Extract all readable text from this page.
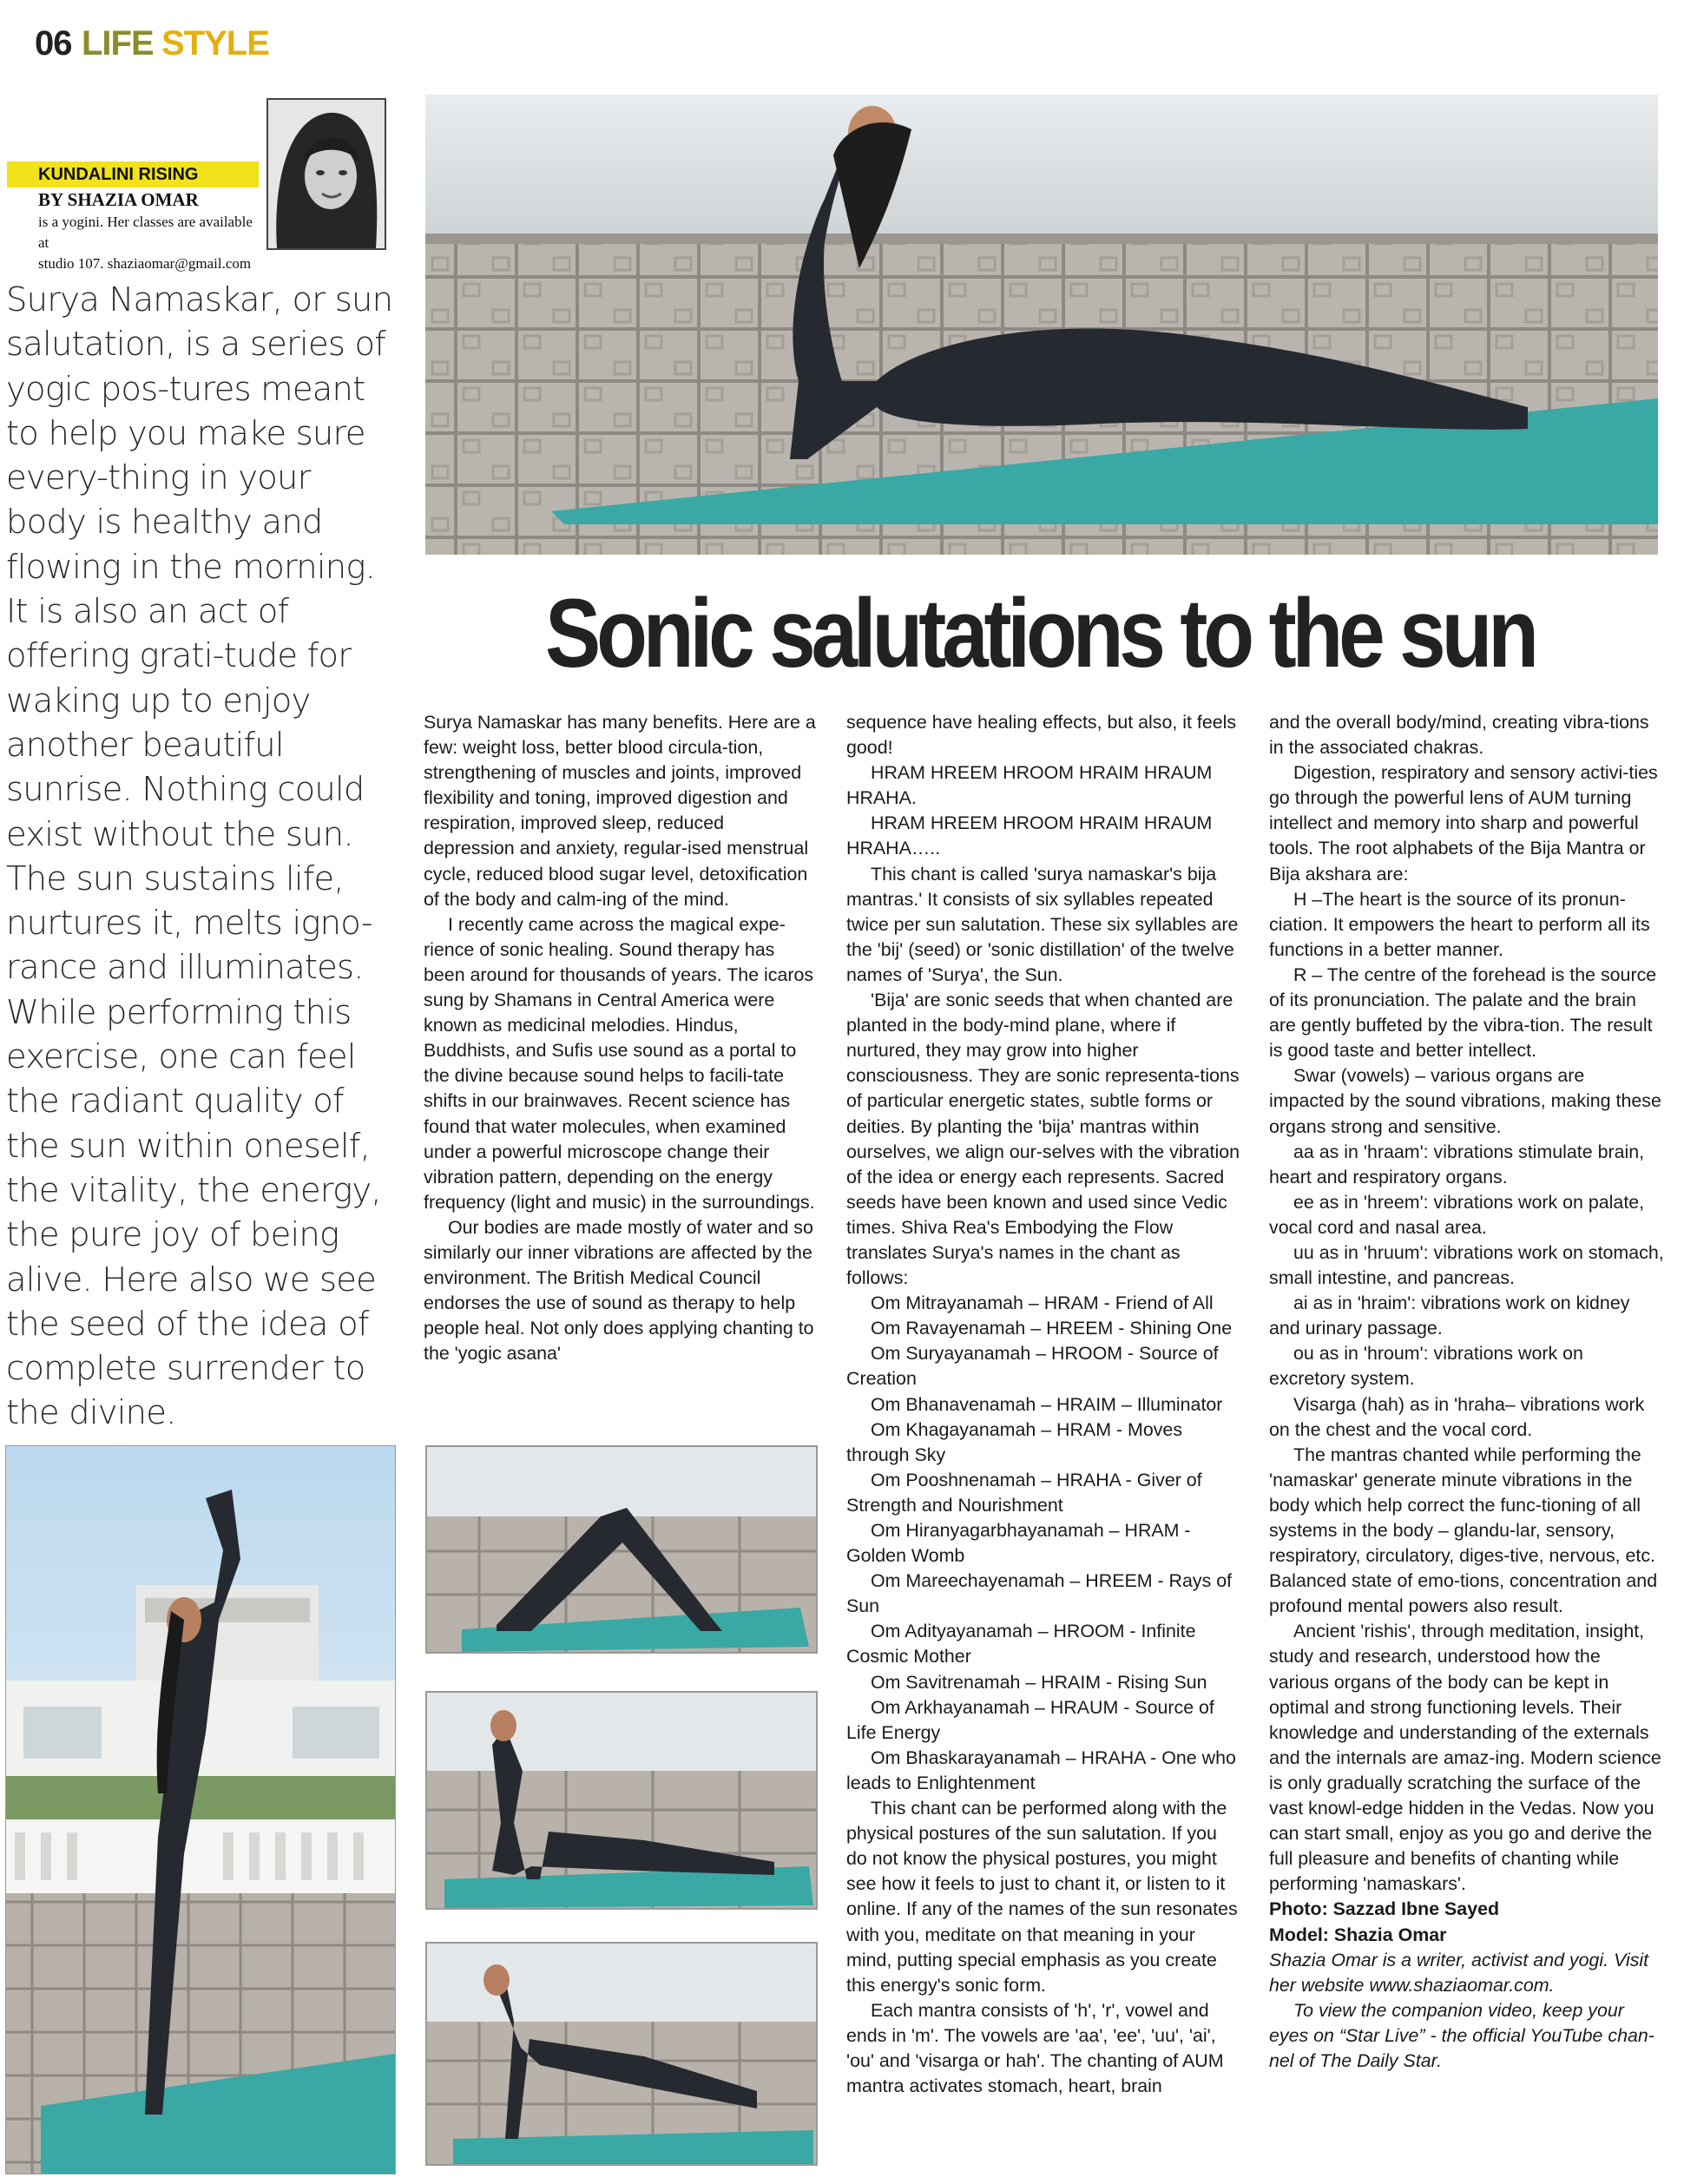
06 LIFE STYLE
KUNDALINI RISING
BY SHAZIA OMAR
is a yogini. Her classes are available at
studio 107. shaziaomar@gmail.com
Surya Namaskar, or sun salutation, is a series of yogic pos-tures meant to help you make sure every-thing in your body is healthy and flowing in the morning. It is also an act of offering grati-tude for waking up to enjoy another beautiful sunrise. Nothing could exist without the sun. The sun sustains life, nurtures it, melts igno-rance and illuminates. While performing this exercise, one can feel the radiant quality of the sun within oneself, the vitality, the energy, the pure joy of being alive. Here also we see the seed of the idea of complete surrender to the divine.
Sonic salutations to the sun

Surya Namaskar has many benefits. Here are a few: weight loss, better blood circula-tion, strengthening of muscles and joints, improved flexibility and toning, improved digestion and respiration, improved sleep, reduced depression and anxiety, regular-ised menstrual cycle, reduced blood sugar level, detoxification of the body and calm-ing of the mind.

I recently came across the magical expe-rience of sonic healing. Sound therapy has been around for thousands of years. The icaros sung by Shamans in Central America were known as medicinal melodies. Hindus, Buddhists, and Sufis use sound as a portal to the divine because sound helps to facili-tate shifts in our brainwaves. Recent science has found that water molecules, when examined under a powerful microscope change their vibration pattern, depending on the energy frequency (light and music) in the surroundings.

Our bodies are made mostly of water and so similarly our inner vibrations are affected by the environment. The British Medical Council endorses the use of sound as therapy to help people heal. Not only does applying chanting to the 'yogic asana'

sequence have healing effects, but also, it feels good!

HRAM HREEM HROOM HRAIM HRAUM HRAHA.

HRAM HREEM HROOM HRAIM HRAUM HRAHA…..

This chant is called 'surya namaskar's bija mantras.' It consists of six syllables repeated twice per sun salutation. These six syllables are the 'bij' (seed) or 'sonic distillation' of the twelve names of 'Surya', the Sun.

'Bija' are sonic seeds that when chanted are planted in the body-mind plane, where if nurtured, they may grow into higher consciousness. They are sonic representa-tions of particular energetic states, subtle forms or deities. By planting the 'bija' mantras within ourselves, we align our-selves with the vibration of the idea or energy each represents. Sacred seeds have been known and used since Vedic times. Shiva Rea's Embodying the Flow translates Surya's names in the chant as follows:

Om Mitrayanamah – HRAM - Friend of All

Om Ravayenamah – HREEM - Shining One

Om Suryayanamah – HROOM - Source of Creation

Om Bhanavenamah – HRAIM – Illuminator

Om Khagayanamah – HRAM - Moves through Sky

Om Pooshnenamah – HRAHA - Giver of Strength and Nourishment

Om Hiranyagarbhayanamah – HRAM - Golden Womb

Om Mareechayenamah – HREEM - Rays of Sun

Om Adityayanamah – HROOM - Infinite Cosmic Mother

Om Savitrenamah – HRAIM - Rising Sun

Om Arkhayanamah – HRAUM - Source of Life Energy

Om Bhaskarayanamah – HRAHA - One who leads to Enlightenment

This chant can be performed along with the physical postures of the sun salutation. If you do not know the physical postures, you might see how it feels to just to chant it, or listen to it online. If any of the names of the sun resonates with you, meditate on that meaning in your mind, putting special emphasis as you create this energy's sonic form.

Each mantra consists of 'h', 'r', vowel and ends in 'm'. The vowels are 'aa', 'ee', 'uu', 'ai', 'ou' and 'visarga or hah'. The chanting of AUM mantra activates stomach, heart, brain

and the overall body/mind, creating vibra-tions in the associated chakras.

Digestion, respiratory and sensory activi-ties go through the powerful lens of AUM turning intellect and memory into sharp and powerful tools. The root alphabets of the Bija Mantra or Bija akshara are:

H –The heart is the source of its pronun-ciation. It empowers the heart to perform all its functions in a better manner.

R – The centre of the forehead is the source of its pronunciation. The palate and the brain are gently buffeted by the vibra-tion. The result is good taste and better intellect.

Swar (vowels) – various organs are impacted by the sound vibrations, making these organs strong and sensitive.

aa as in 'hraam': vibrations stimulate brain, heart and respiratory organs.

ee as in 'hreem': vibrations work on palate, vocal cord and nasal area.

uu as in 'hruum': vibrations work on stomach, small intestine, and pancreas.

ai as in 'hraim': vibrations work on kidney and urinary passage.

ou as in 'hroum': vibrations work on excretory system.

Visarga (hah) as in 'hraha– vibrations work on the chest and the vocal cord.

The mantras chanted while performing the 'namaskar' generate minute vibrations in the body which help correct the func-tioning of all systems in the body – glandu-lar, sensory, respiratory, circulatory, diges-tive, nervous, etc. Balanced state of emo-tions, concentration and profound mental powers also result.

Ancient 'rishis', through meditation, insight, study and research, understood how the various organs of the body can be kept in optimal and strong functioning levels. Their knowledge and understanding of the externals and the internals are amaz-ing. Modern science is only gradually scratching the surface of the vast knowl-edge hidden in the Vedas. Now you can start small, enjoy as you go and derive the full pleasure and benefits of chanting while performing 'namaskars'.

Photo: Sazzad Ibne Sayed

Model: Shazia Omar

Shazia Omar is a writer, activist and yogi. Visit her website www.shaziaomar.com.

To view the companion video, keep your eyes on “Star Live” - the official YouTube chan-nel of The Daily Star.
